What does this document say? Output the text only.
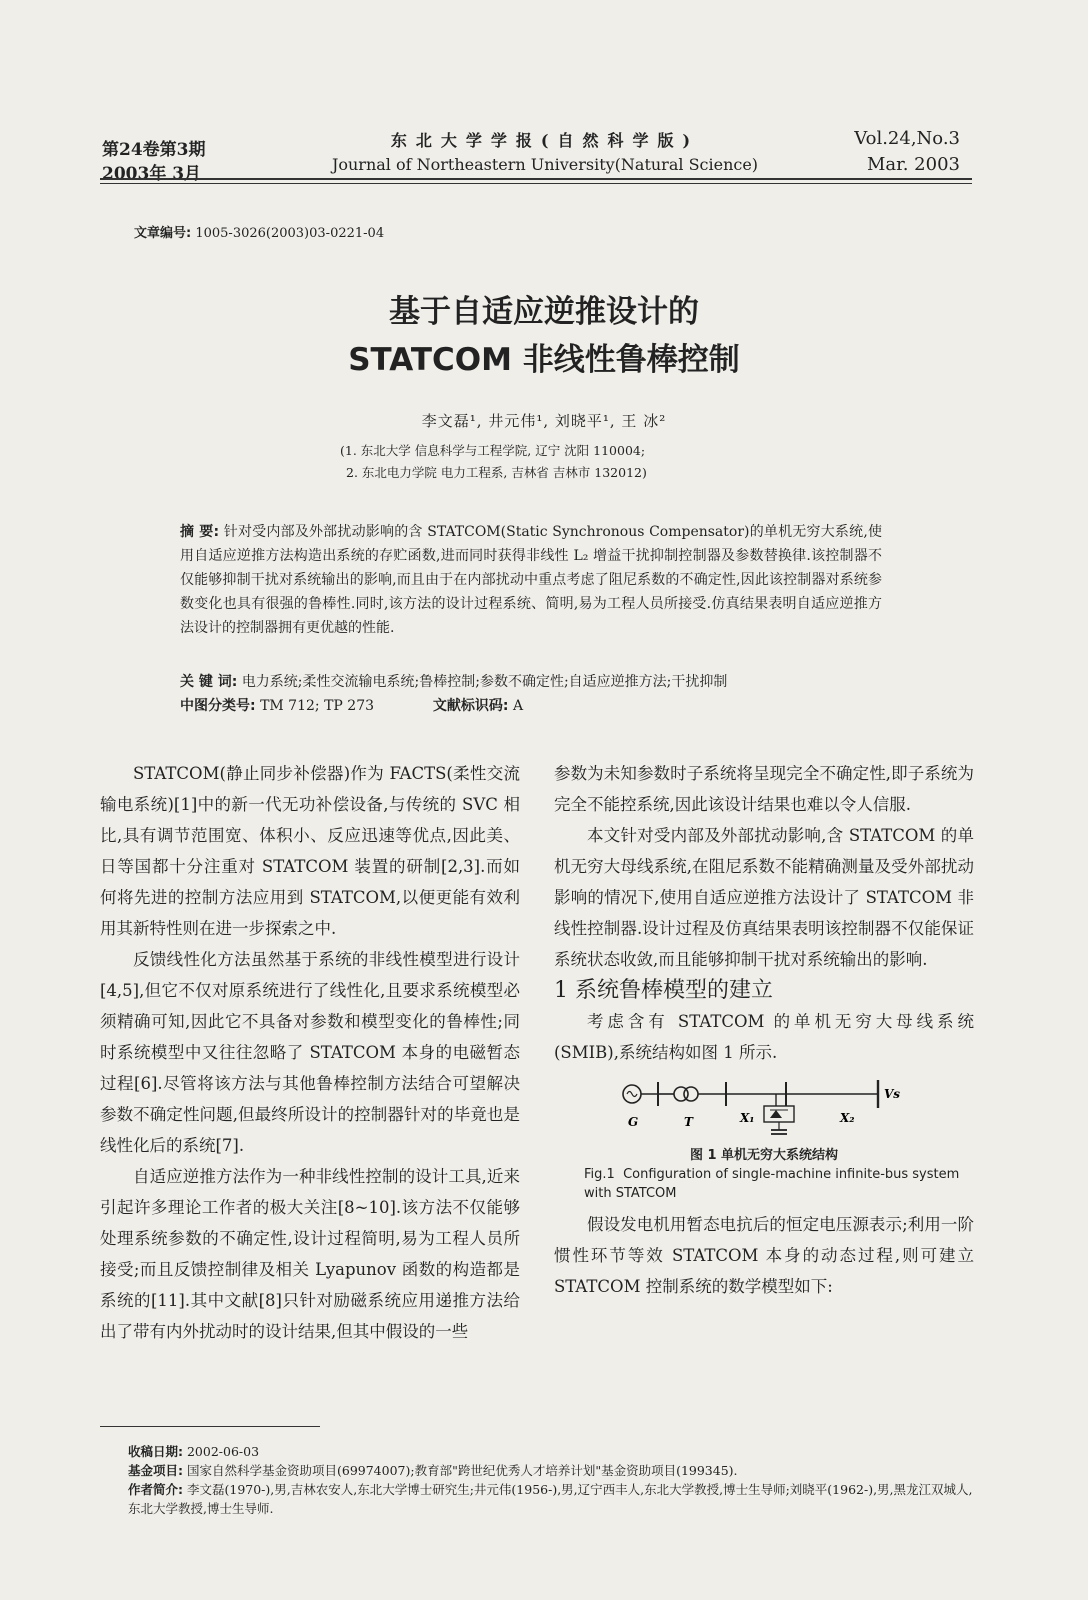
第24卷第3期
2003年 3月
东北大学学报(自然科学版)
Journal of Northeastern University(Natural Science)
Vol.24,No.3
Mar. 2003
文章编号: 1005-3026(2003)03-0221-04
基于自适应逆推设计的
STATCOM 非线性鲁棒控制
李文磊¹, 井元伟¹, 刘晓平¹, 王 冰²
(1. 东北大学 信息科学与工程学院, 辽宁 沈阳 110004;
2. 东北电力学院 电力工程系, 吉林省 吉林市 132012)
摘 要: 针对受内部及外部扰动影响的含 STATCOM(Static Synchronous Compensator)的单机无穷大系统,使用自适应逆推方法构造出系统的存贮函数,进而同时获得非线性 L₂ 增益干扰抑制控制器及参数替换律.该控制器不仅能够抑制干扰对系统输出的影响,而且由于在内部扰动中重点考虑了阻尼系数的不确定性,因此该控制器对系统参数变化也具有很强的鲁棒性.同时,该方法的设计过程系统、简明,易为工程人员所接受.仿真结果表明自适应逆推方法设计的控制器拥有更优越的性能.
关 键 词: 电力系统;柔性交流输电系统;鲁棒控制;参数不确定性;自适应逆推方法;干扰抑制
中图分类号: TM 712; TP 273	文献标识码: A

STATCOM(静止同步补偿器)作为 FACTS(柔性交流输电系统)[1]中的新一代无功补偿设备,与传统的 SVC 相比,具有调节范围宽、体积小、反应迅速等优点,因此美、日等国都十分注重对 STATCOM 装置的研制[2,3].而如何将先进的控制方法应用到 STATCOM,以便更能有效利用其新特性则在进一步探索之中.

反馈线性化方法虽然基于系统的非线性模型进行设计[4,5],但它不仅对原系统进行了线性化,且要求系统模型必须精确可知,因此它不具备对参数和模型变化的鲁棒性;同时系统模型中又往往忽略了 STATCOM 本身的电磁暂态过程[6].尽管将该方法与其他鲁棒控制方法结合可望解决参数不确定性问题,但最终所设计的控制器针对的毕竟也是线性化后的系统[7].

自适应逆推方法作为一种非线性控制的设计工具,近来引起许多理论工作者的极大关注[8~10].该方法不仅能够处理系统参数的不确定性,设计过程简明,易为工程人员所接受;而且反馈控制律及相关 Lyapunov 函数的构造都是系统的[11].其中文献[8]只针对励磁系统应用递推方法给出了带有内外扰动时的设计结果,但其中假设的一些

参数为未知参数时子系统将呈现完全不确定性,即子系统为完全不能控系统,因此该设计结果也难以令人信服.

本文针对受内部及外部扰动影响,含 STATCOM 的单机无穷大母线系统,在阻尼系数不能精确测量及受外部扰动影响的情况下,使用自适应逆推方法设计了 STATCOM 非线性控制器.设计过程及仿真结果表明该控制器不仅能保证系统状态收敛,而且能够抑制干扰对系统输出的影响.

1 系统鲁棒模型的建立

考虑含有 STATCOM 的单机无穷大母线系统(SMIB),系统结构如图 1 所示.

G	T	X₁	X₂
Vs
图 1 单机无穷大系统结构
Fig.1 Configuration of single-machine infinite-bus system with STATCOM

假设发电机用暂态电抗后的恒定电压源表示;利用一阶惯性环节等效 STATCOM 本身的动态过程,则可建立 STATCOM 控制系统的数学模型如下:

收稿日期: 2002-06-03
基金项目: 国家自然科学基金资助项目(69974007);教育部"跨世纪优秀人才培养计划"基金资助项目(199345).
作者简介: 李文磊(1970-),男,吉林农安人,东北大学博士研究生;井元伟(1956-),男,辽宁西丰人,东北大学教授,博士生导师;刘晓平(1962-),男,黑龙江双城人,东北大学教授,博士生导师.
